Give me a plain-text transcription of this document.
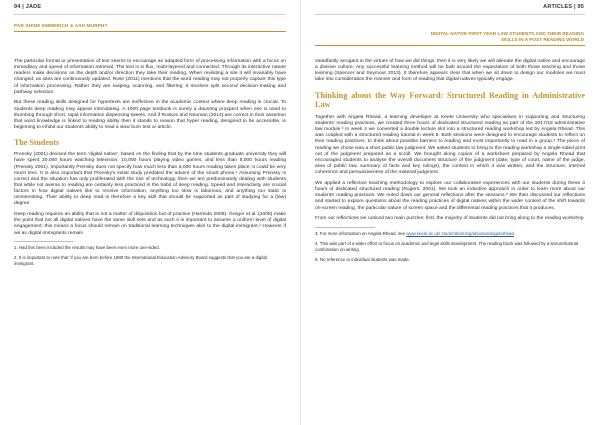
94 | JADE
PAR SHINE EMMERICH & ASH MURPHY

The particular format or presentation of text seems to encourage an adapted form of processing information with a focus on immediacy and speed of information retrieval. The text is in flux, multi-layered and connected. Through its interactive nature readers make decisions on the depth and/or direction they take their reading. When revisiting a site it will invariably have changed, as sites are continuously updated. Rose (2011) mentions that the word reading may not properly capture this type of information processing. Rather they are swiping, scanning, and filtering; it involves split second decision-making and pathway selection.

But these reading skills designed for hypertexts are ineffective in the academic context where deep reading is crucial. To students deep reading may appear intimidating. A 1000 page textbook is surely a daunting prospect when one is used to thumbing through short, rapid information dispensing tweets. And if Roskos and Neuman (2014) are correct in their assertion that word knowledge is linked to reading ability then it stands to reason that hyper reading, designed to be accessible, is beginning to inhibit our students ability to read a slow burn text or article.

The Students

Prensky (2001) devised the term 'digital native', based on the finding that by the time students graduate university they will have spent 20,000 hours watching television, 10,000 hours playing video games, and less than 5,000 hours reading (Prensky 2001). Importantly Prensky does not specify how much less than 5,000 hours reading takes place; it could be very much less. It is also important that Prensky's initial study predated the advent of the smart phone.¹ Assuming Prensky is correct and the situation has only proliferated with the rise of technology, then we are predominantly dealing with students that while not averse to reading are certainly less practiced in the habit of deep reading. Speed and interactivity are crucial factors in how digital natives like to receive information, anything too slow is laborious, and anything too static is uninteresting. Their ability to deep read is therefore a key skill that should be supported as part of studying for a (law) degree.

Deep reading requires an ability that is not a matter of disposition but of practice (Harmida 2009). Gregor et al. (2008) make the point that not all digital natives have the same skill sets and as such it is important to assume a uniform level of digital engagement; this means a focus should remain on traditional learning techniques akin to the digital immigrant.² However if we as digital immigrants remain

1. Had this been included the results may have been even more one-sided.

2. It is important to note that 'if you are born before 1980 the International Education Advisory Board suggests that you are a digital immigrant.

ARTICLES | 95
DIGITAL NATIVE FIRST YEAR LAW STUDENTS AND THEIR READING SKILLS IN A POST READING WORLD

steadfastly arrogant in the virtues of how we did things, then it is very likely we will alienate the digital native and encourage a divisive culture. Any successful learning method will be built around the expectation of both those teaching and those learning (Spencer and Seymour 2013). It therefore appears clear that when we sit down to design our modules we must take into consideration the manner and form of reading that digital natives typically engage.

Thinking about the Way Forward: Structured Reading in Administrative Law

Together with Angela Rhead, a learning developer at Keele University who specialises in supporting and structuring students' reading practices, we created three hours of dedicated structured reading as part of the 2017/18 administrative law module.³ In week 4 we converted a double lecture slot into a structured reading workshop led by Angela Rhead. This was coupled with a structured reading tutorial in week 5. Both sessions were designed to encourage students to reflect on their reading practices, to think about possible barriers to reading and most importantly to read in a group.⁴ The piece of reading we chose was a short public law judgment. We asked students to bring to the reading workshop a single-sided print out of the judgment prepared as a scroll. We brought along copies of a worksheet prepared by Angela Rhead that encouraged students to analyse the overall document structure of the judgment (date, type of court, name of the judge, area of public law, summary of facts and key rulings), the context in which it was written, and the structure, internal coherence and persuasiveness of the material judgment.

We applied a reflective teaching methodology to explore our collaborative experiences with our students during these 3 hours of dedicated structured reading (Rogers, 2001). We took an inductive approach in order to learn more about our students' reading practices. We noted down our general reflections after the sessions.⁵ We then discussed our reflections and started to explore questions about the reading practices of digital natives within the wider context of the shift towards on-screen reading, the particular nature of screen space and the differential reading practices that it produces.

From our reflections we noticed two main puzzles: first, the majority of students did not bring along to the reading workshop

3. For more information on Angela Rhead, see www.keele.ac.uk/ studentlearning/aboutus/angelarhead.

4. This was part of a wider effort to focus on academic and legal skills development. The reading block was followed by a lecture/tutorial combination on writing.

5. No reference to individual students was made.
